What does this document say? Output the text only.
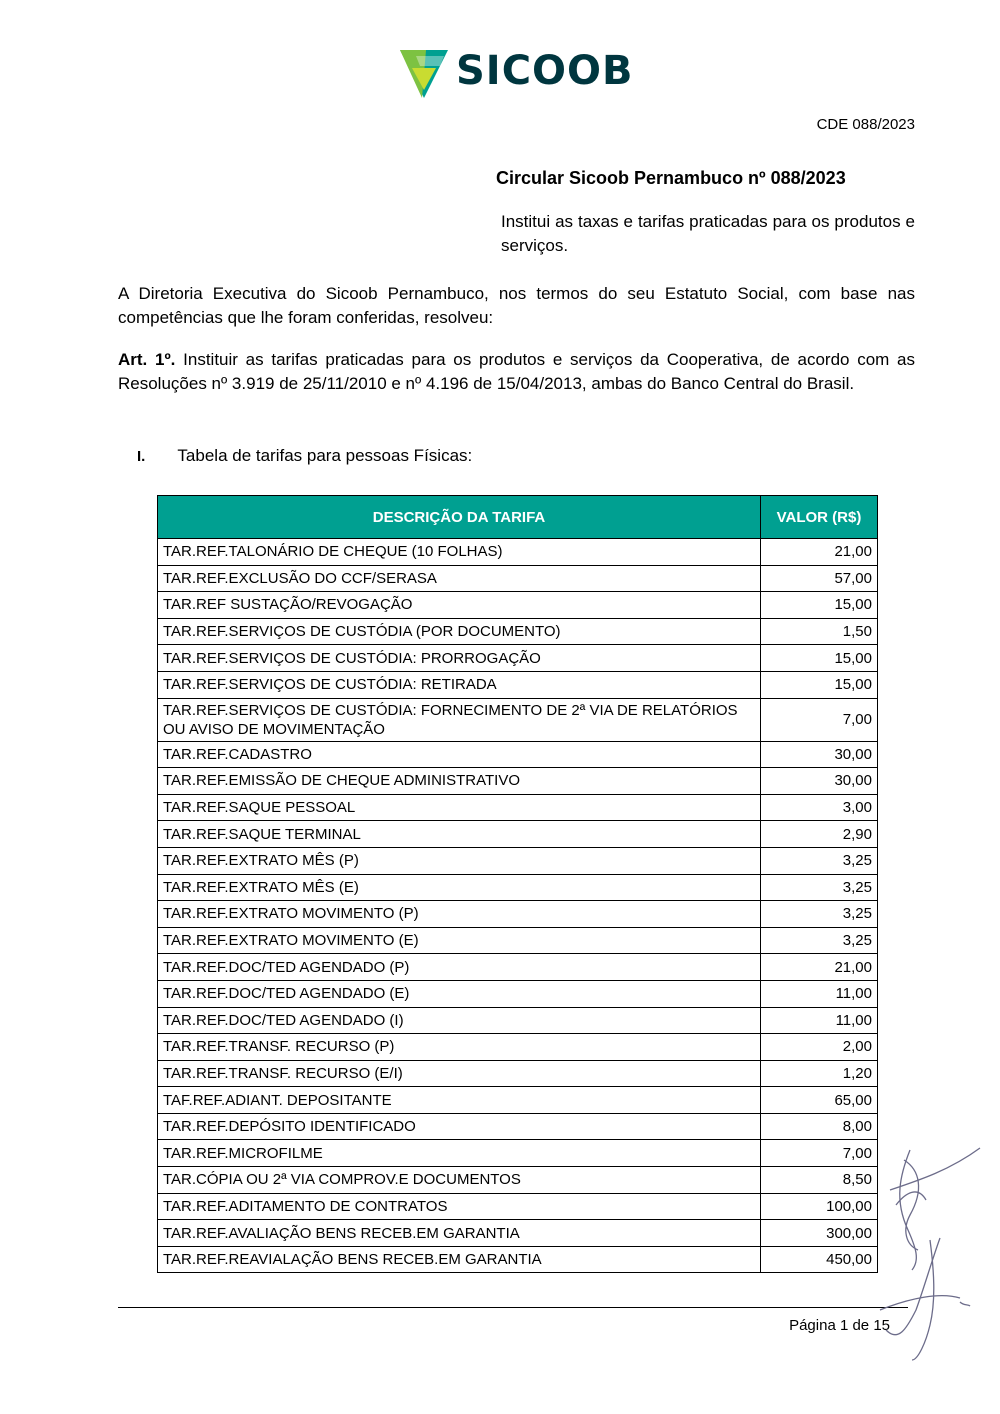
SICOOB
CDE 088/2023
Circular Sicoob Pernambuco nº 088/2023
Institui as taxas e tarifas praticadas para os produtos e serviços.
A Diretoria Executiva do Sicoob Pernambuco, nos termos do seu Estatuto Social, com base nas competências que lhe foram conferidas, resolveu:
Art. 1º. Instituir as tarifas praticadas para os produtos e serviços da Cooperativa, de acordo com as Resoluções nº 3.919 de 25/11/2010 e nº 4.196 de 15/04/2013, ambas do Banco Central do Brasil.
I. Tabela de tarifas para pessoas Físicas:
DESCRIÇÃO DA TARIFA	VALOR (R$)
TAR.REF.TALONÁRIO DE CHEQUE (10 FOLHAS)	21,00
TAR.REF.EXCLUSÃO DO CCF/SERASA	57,00
TAR.REF SUSTAÇÃO/REVOGAÇÃO	15,00
TAR.REF.SERVIÇOS DE CUSTÓDIA (POR DOCUMENTO)	1,50
TAR.REF.SERVIÇOS DE CUSTÓDIA: PRORROGAÇÃO	15,00
TAR.REF.SERVIÇOS DE CUSTÓDIA: RETIRADA	15,00
TAR.REF.SERVIÇOS DE CUSTÓDIA: FORNECIMENTO DE 2ª VIA DE RELATÓRIOS OU AVISO DE MOVIMENTAÇÃO	7,00
TAR.REF.CADASTRO	30,00
TAR.REF.EMISSÃO DE CHEQUE ADMINISTRATIVO	30,00
TAR.REF.SAQUE PESSOAL	3,00
TAR.REF.SAQUE TERMINAL	2,90
TAR.REF.EXTRATO MÊS (P)	3,25
TAR.REF.EXTRATO MÊS (E)	3,25
TAR.REF.EXTRATO MOVIMENTO (P)	3,25
TAR.REF.EXTRATO MOVIMENTO (E)	3,25
TAR.REF.DOC/TED AGENDADO (P)	21,00
TAR.REF.DOC/TED AGENDADO (E)	11,00
TAR.REF.DOC/TED AGENDADO (I)	11,00
TAR.REF.TRANSF. RECURSO (P)	2,00
TAR.REF.TRANSF. RECURSO (E/I)	1,20
TAF.REF.ADIANT. DEPOSITANTE	65,00
TAR.REF.DEPÓSITO IDENTIFICADO	8,00
TAR.REF.MICROFILME	7,00
TAR.CÓPIA OU 2ª VIA COMPROV.E DOCUMENTOS	8,50
TAR.REF.ADITAMENTO DE CONTRATOS	100,00
TAR.REF.AVALIAÇÃO BENS RECEB.EM GARANTIA	300,00
TAR.REF.REAVIALAÇÃO BENS RECEB.EM GARANTIA	450,00
Página 1 de 15
